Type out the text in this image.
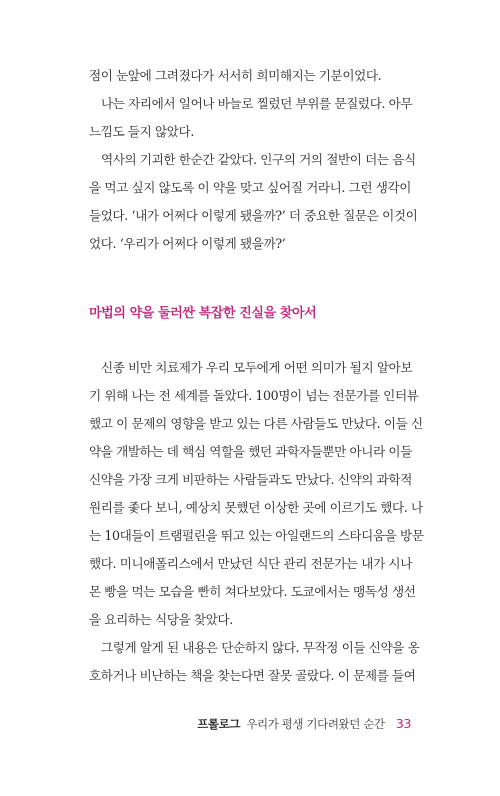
점이 눈앞에 그려졌다가 서서히 희미해지는 기분이었다.
나는 자리에서 일어나 바늘로 찔렀던 부위를 문질렀다. 아무
느낌도 들지 않았다.
역사의 기괴한 한순간 같았다. 인구의 거의 절반이 더는 음식
을 먹고 싶지 않도록 이 약을 맞고 싶어질 거라니. 그런 생각이
들었다. ‘내가 어쩌다 이렇게 됐을까?’ 더 중요한 질문은 이것이
었다. ‘우리가 어쩌다 이렇게 됐을까?’
마법의 약을 둘러싼 복잡한 진실을 찾아서
신종 비만 치료제가 우리 모두에게 어떤 의미가 될지 알아보
기 위해 나는 전 세계를 돌았다. 100명이 넘는 전문가를 인터뷰
했고 이 문제의 영향을 받고 있는 다른 사람들도 만났다. 이들 신
약을 개발하는 데 핵심 역할을 했던 과학자들뿐만 아니라 이들
신약을 가장 크게 비판하는 사람들과도 만났다. 신약의 과학적
원리를 좇다 보니, 예상치 못했던 이상한 곳에 이르기도 했다. 나
는 10대들이 트램펄린을 뛰고 있는 아일랜드의 스타디움을 방문
했다. 미니애폴리스에서 만났던 식단 관리 전문가는 내가 시나
몬 빵을 먹는 모습을 빤히 쳐다보았다. 도쿄에서는 맹독성 생선
을 요리하는 식당을 찾았다.
그렇게 알게 된 내용은 단순하지 않다. 무작정 이들 신약을 옹
호하거나 비난하는 책을 찾는다면 잘못 골랐다. 이 문제를 들여
프롤로그 우리가 평생 기다려왔던 순간 33
